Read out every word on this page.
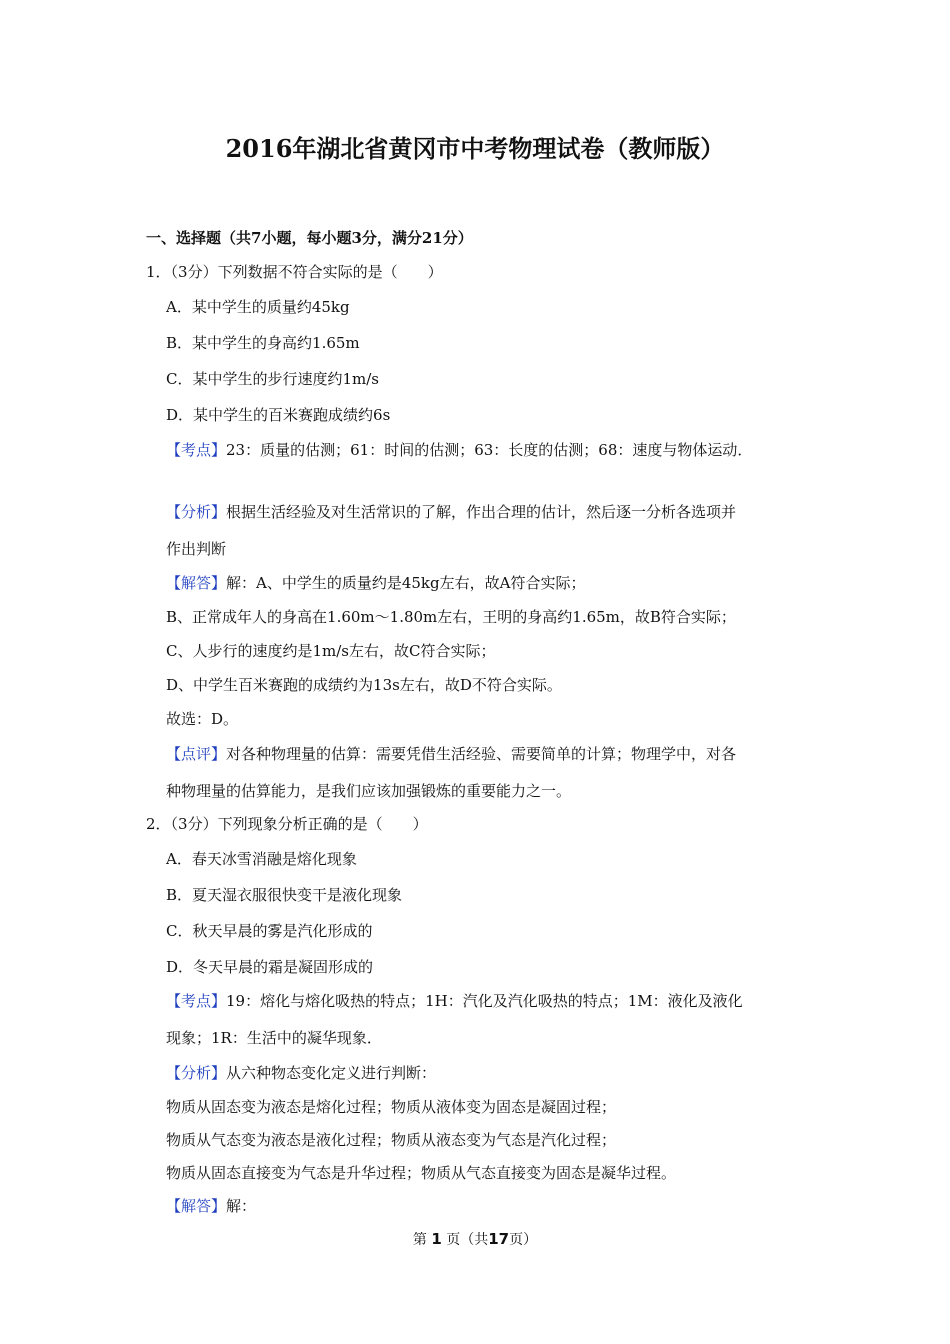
2016年湖北省黄冈市中考物理试卷（教师版）
一、选择题（共7小题，每小题3分，满分21分）
1．（3分）下列数据不符合实际的是（　　）
A．某中学生的质量约45kg
B．某中学生的身高约1.65m
C．某中学生的步行速度约1m/s
D．某中学生的百米赛跑成绩约6s
【考点】23：质量的估测；61：时间的估测；63：长度的估测；68：速度与物体运动．
【分析】根据生活经验及对生活常识的了解，作出合理的估计，然后逐一分析各选项并
作出判断
【解答】解：A、中学生的质量约是45kg左右，故A符合实际；
B、正常成年人的身高在1.60m～1.80m左右，王明的身高约1.65m，故B符合实际；
C、人步行的速度约是1m/s左右，故C符合实际；
D、中学生百米赛跑的成绩约为13s左右，故D不符合实际。
故选：D。
【点评】对各种物理量的估算：需要凭借生活经验、需要简单的计算；物理学中，对各
种物理量的估算能力，是我们应该加强锻炼的重要能力之一。
2．（3分）下列现象分析正确的是（　　）
A．春天冰雪消融是熔化现象
B．夏天湿衣服很快变干是液化现象
C．秋天早晨的雾是汽化形成的
D．冬天早晨的霜是凝固形成的
【考点】19：熔化与熔化吸热的特点；1H：汽化及汽化吸热的特点；1M：液化及液化
现象；1R：生活中的凝华现象．
【分析】从六种物态变化定义进行判断：
物质从固态变为液态是熔化过程；物质从液体变为固态是凝固过程；
物质从气态变为液态是液化过程；物质从液态变为气态是汽化过程；
物质从固态直接变为气态是升华过程；物质从气态直接变为固态是凝华过程。
【解答】解：
第 1 页（共17页）
